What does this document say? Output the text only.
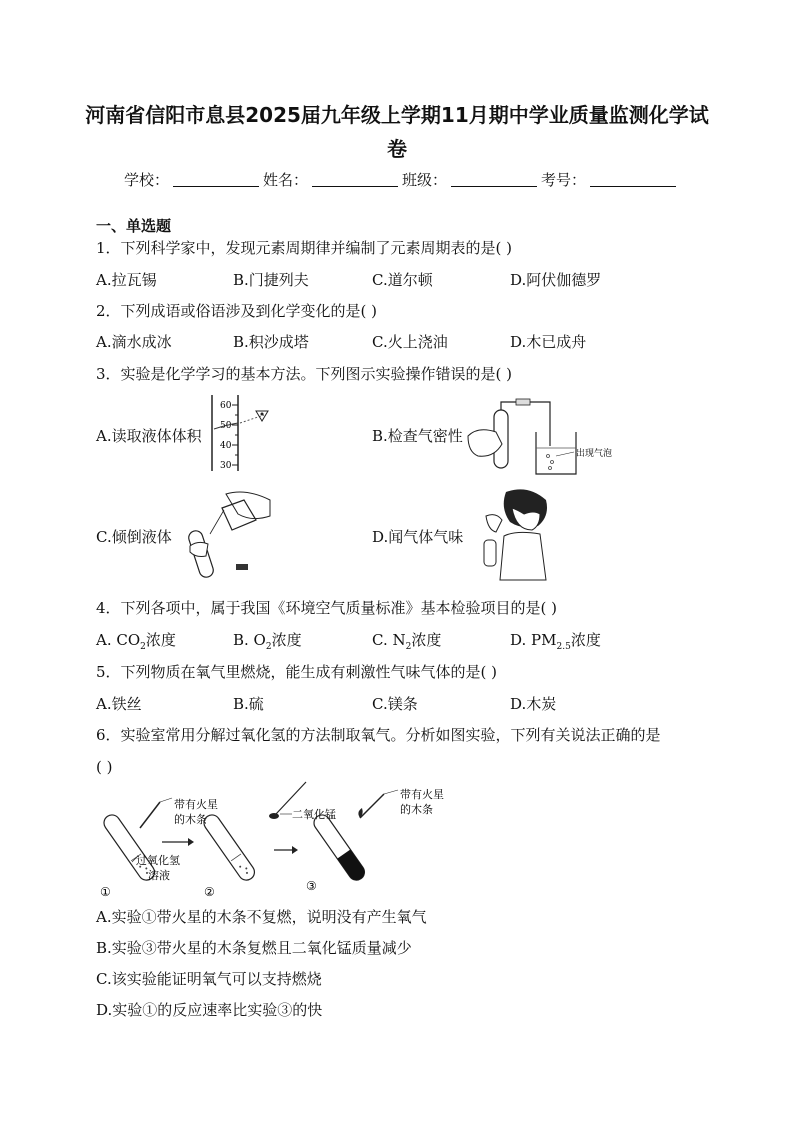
河南省信阳市息县2025届九年级上学期11月期中学业质量监测化学试
卷
学校：	姓名：	班级：	考号：
一、单选题
1．下列科学家中，发现元素周期律并编制了元素周期表的是( )
A.拉瓦锡	B.门捷列夫	C.道尔顿	D.阿伏伽德罗
2．下列成语或俗语涉及到化学变化的是( )
A.滴水成冰	B.积沙成塔	C.火上浇油	D.木已成舟
3．实验是化学学习的基本方法。下列图示实验操作错误的是( )
A.读取液体体积	B.检查气密性
C.倾倒液体	D.闻气体气味
60
50
40
30
出现气泡
4．下列各项中，属于我国《环境空气质量标准》基本检验项目的是( )
A. $CO_2$浓度	B. $O_2$浓度	C. $N_2$浓度	D. $PM_{2.5}$浓度
5．下列物质在氧气里燃烧，能生成有刺激性气味气体的是( )
A.铁丝	B.硫	C.镁条	D.木炭
6．实验室常用分解过氧化氢的方法制取氧气。分析如图实验，下列有关说法正确的是
( )
带有火星
的木条
过氧化氢
溶液
①
二氧化锰
②
带有火星
的木条
③
A.实验①带火星的木条不复燃，说明没有产生氧气
B.实验③带火星的木条复燃且二氧化锰质量减少
C.该实验能证明氧气可以支持燃烧
D.实验①的反应速率比实验③的快
